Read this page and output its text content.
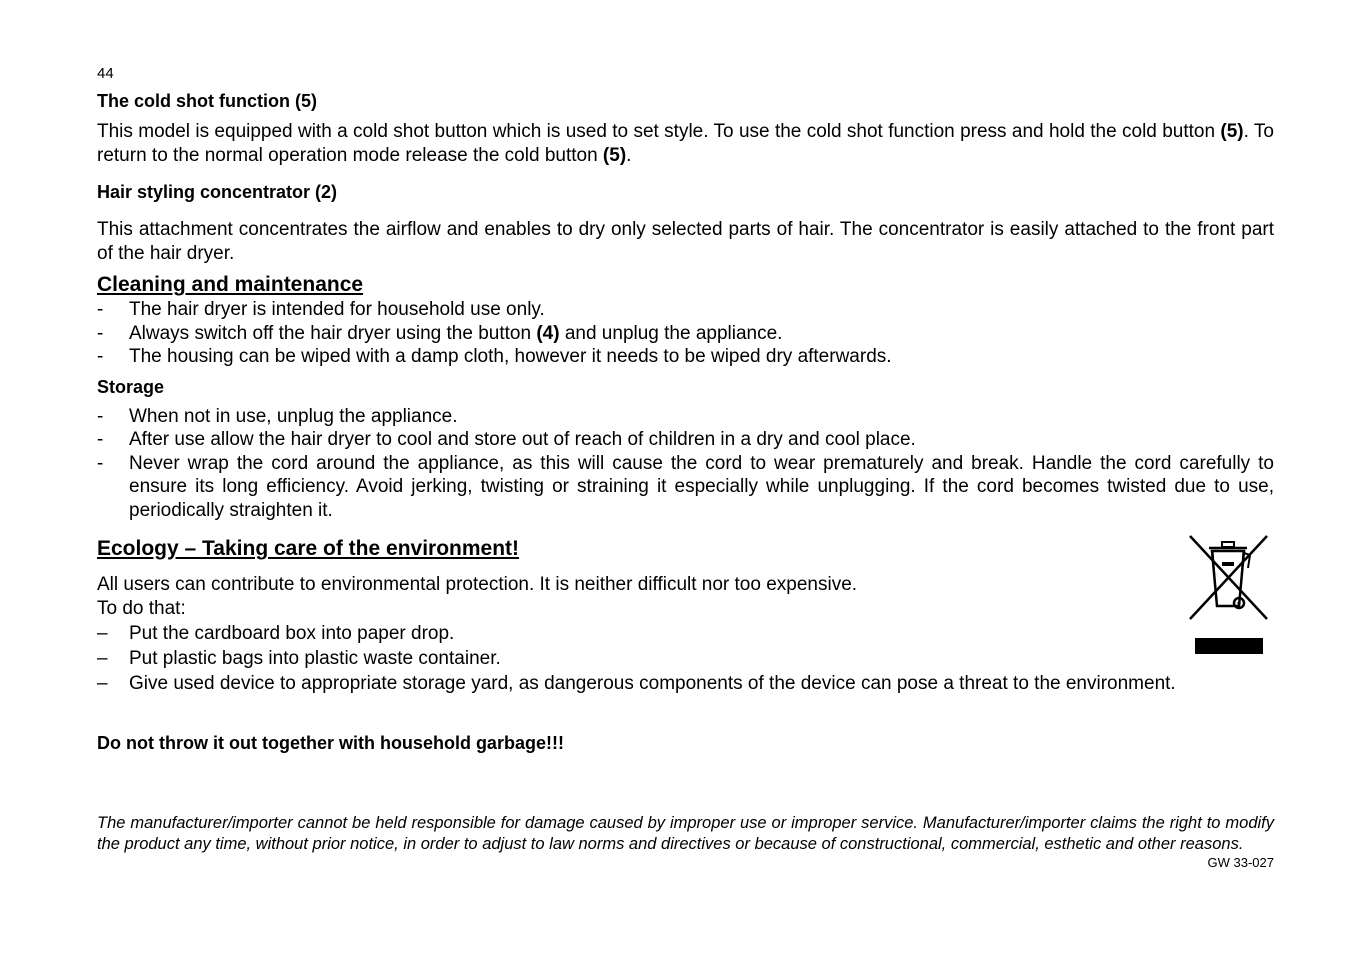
44
The cold shot function (5)

This model is equipped with a cold shot button which is used to set style. To use the cold shot function press and hold the cold button (5). To return to the normal operation mode release the cold button (5).

Hair styling concentrator (2)

This attachment concentrates the airflow and enables to dry only selected parts of hair. The concentrator is easily attached to the front part of the hair dryer.

Cleaning and maintenance
- The hair dryer is intended for household use only.
- Always switch off the hair dryer using the button (4) and unplug the appliance.
- The housing can be wiped with a damp cloth, however it needs to be wiped dry afterwards.
Storage
- When not in use, unplug the appliance.
- After use allow the hair dryer to cool and store out of reach of children in a dry and cool place.
- Never wrap the cord around the appliance, as this will cause the cord to wear prematurely and break. Handle the cord carefully to ensure its long efficiency. Avoid jerking, twisting or straining it especially while unplugging. If the cord becomes twisted due to use, periodically straighten it.
Ecology – Taking care of the environment!

All users can contribute to environmental protection. It is neither difficult nor too expensive.

To do that:

– Put the cardboard box into paper drop.
– Put plastic bags into plastic waste container.
– Give used device to appropriate storage yard, as dangerous components of the device can pose a threat to the environment.
Do not throw it out together with household garbage!!!

The manufacturer/importer cannot be held responsible for damage caused by improper use or improper service. Manufacturer/importer claims the right to modify the product any time, without prior notice, in order to adjust to law norms and directives or because of constructional, commercial, esthetic and other reasons.

GW 33-027
